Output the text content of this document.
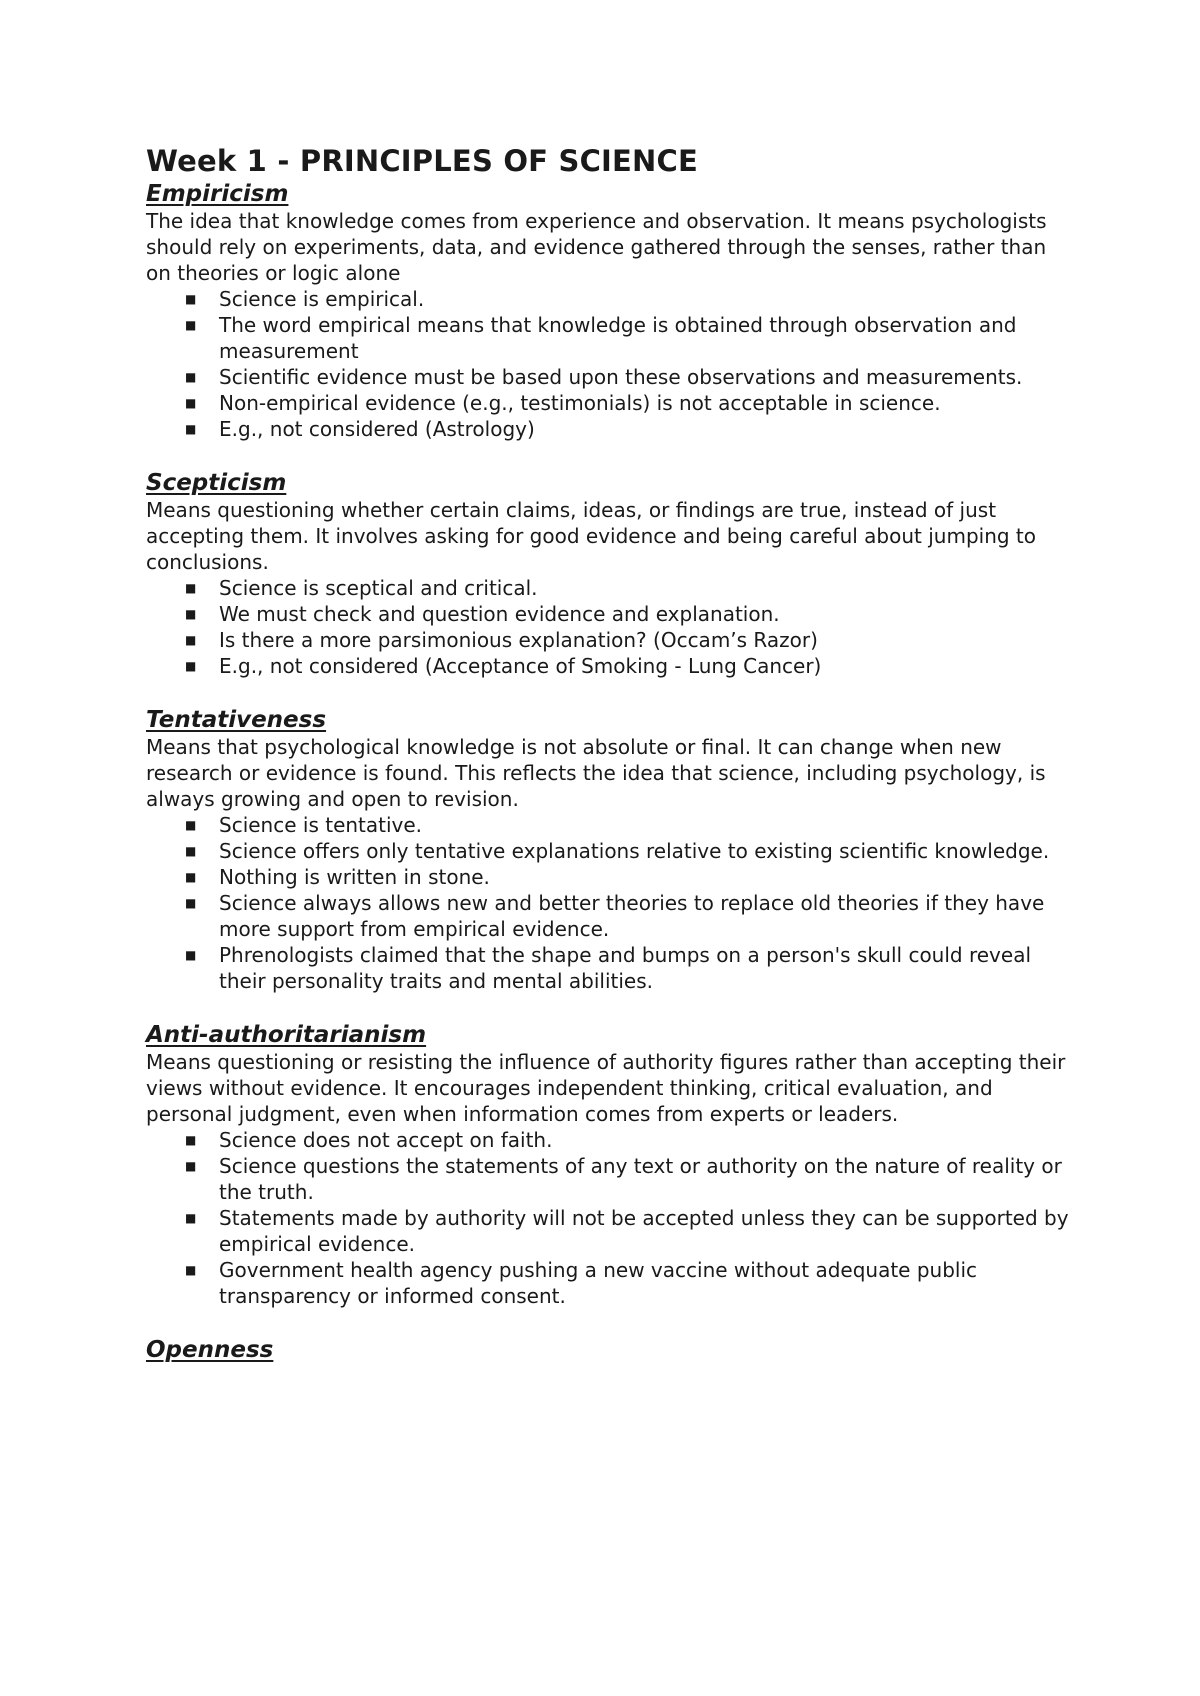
Week 1 - PRINCIPLES OF SCIENCE
Empiricism

The idea that knowledge comes from experience and observation. It means psychologists should rely on experiments, data, and evidence gathered through the senses, rather than on theories or logic alone

■ Science is empirical.
■ The word empirical means that knowledge is obtained through observation and measurement
■ Scientific evidence must be based upon these observations and measurements.
■ Non-empirical evidence (e.g., testimonials) is not acceptable in science.
■ E.g., not considered (Astrology)
Scepticism

Means questioning whether certain claims, ideas, or findings are true, instead of just accepting them. It involves asking for good evidence and being careful about jumping to conclusions.

■ Science is sceptical and critical.
■ We must check and question evidence and explanation.
■ Is there a more parsimonious explanation? (Occam’s Razor)
■ E.g., not considered (Acceptance of Smoking - Lung Cancer)
Tentativeness

Means that psychological knowledge is not absolute or final. It can change when new research or evidence is found. This reflects the idea that science, including psychology, is always growing and open to revision.

■ Science is tentative.
■ Science offers only tentative explanations relative to existing scientific knowledge.
■ Nothing is written in stone.
■ Science always allows new and better theories to replace old theories if they have more support from empirical evidence.
■ Phrenologists claimed that the shape and bumps on a person's skull could reveal their personality traits and mental abilities.
Anti-authoritarianism

Means questioning or resisting the influence of authority figures rather than accepting their views without evidence. It encourages independent thinking, critical evaluation, and personal judgment, even when information comes from experts or leaders.

■ Science does not accept on faith.
■ Science questions the statements of any text or authority on the nature of reality or the truth.
■ Statements made by authority will not be accepted unless they can be supported by empirical evidence.
■ Government health agency pushing a new vaccine without adequate public transparency or informed consent.
Openness
